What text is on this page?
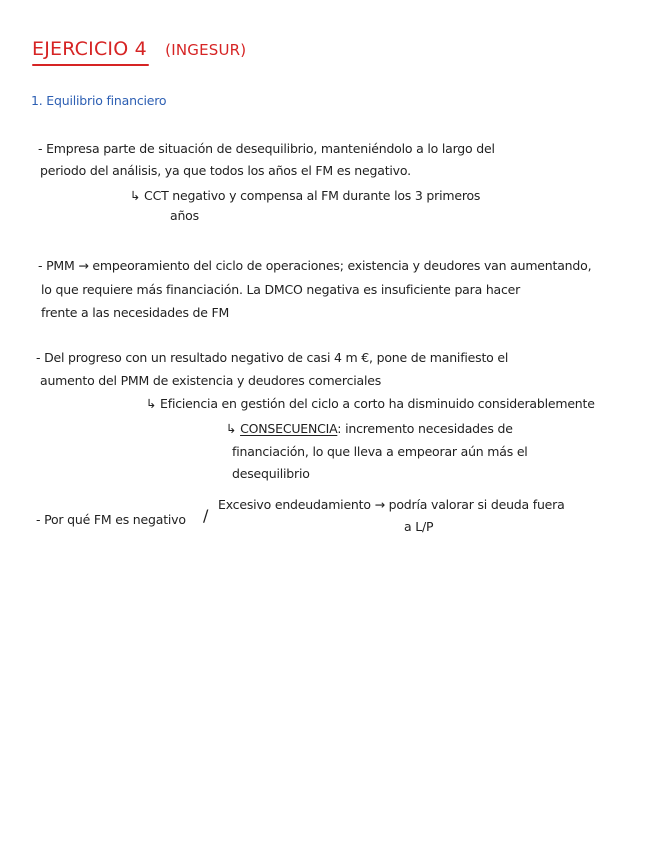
EJERCICIO 4 (INGESUR)
1. Equilibrio financiero
- Empresa parte de situación de desequilibrio, manteniéndolo a lo largo del
periodo del análisis, ya que todos los años el FM es negativo.
↳ CCT negativo y compensa al FM durante los 3 primeros
años
- PMM → empeoramiento del ciclo de operaciones; existencia y deudores van aumentando,
lo que requiere más financiación. La DMCO negativa es insuficiente para hacer
frente a las necesidades de FM
- Del progreso con un resultado negativo de casi 4 m €, pone de manifiesto el
aumento del PMM de existencia y deudores comerciales
↳ Eficiencia en gestión del ciclo a corto ha disminuido considerablemente
↳ CONSECUENCIA: incremento necesidades de
financiación, lo que lleva a empeorar aún más el
desequilibrio
- Por qué FM es negativo /
Excesivo endeudamiento → podría valorar si deuda fuera
a L/P
